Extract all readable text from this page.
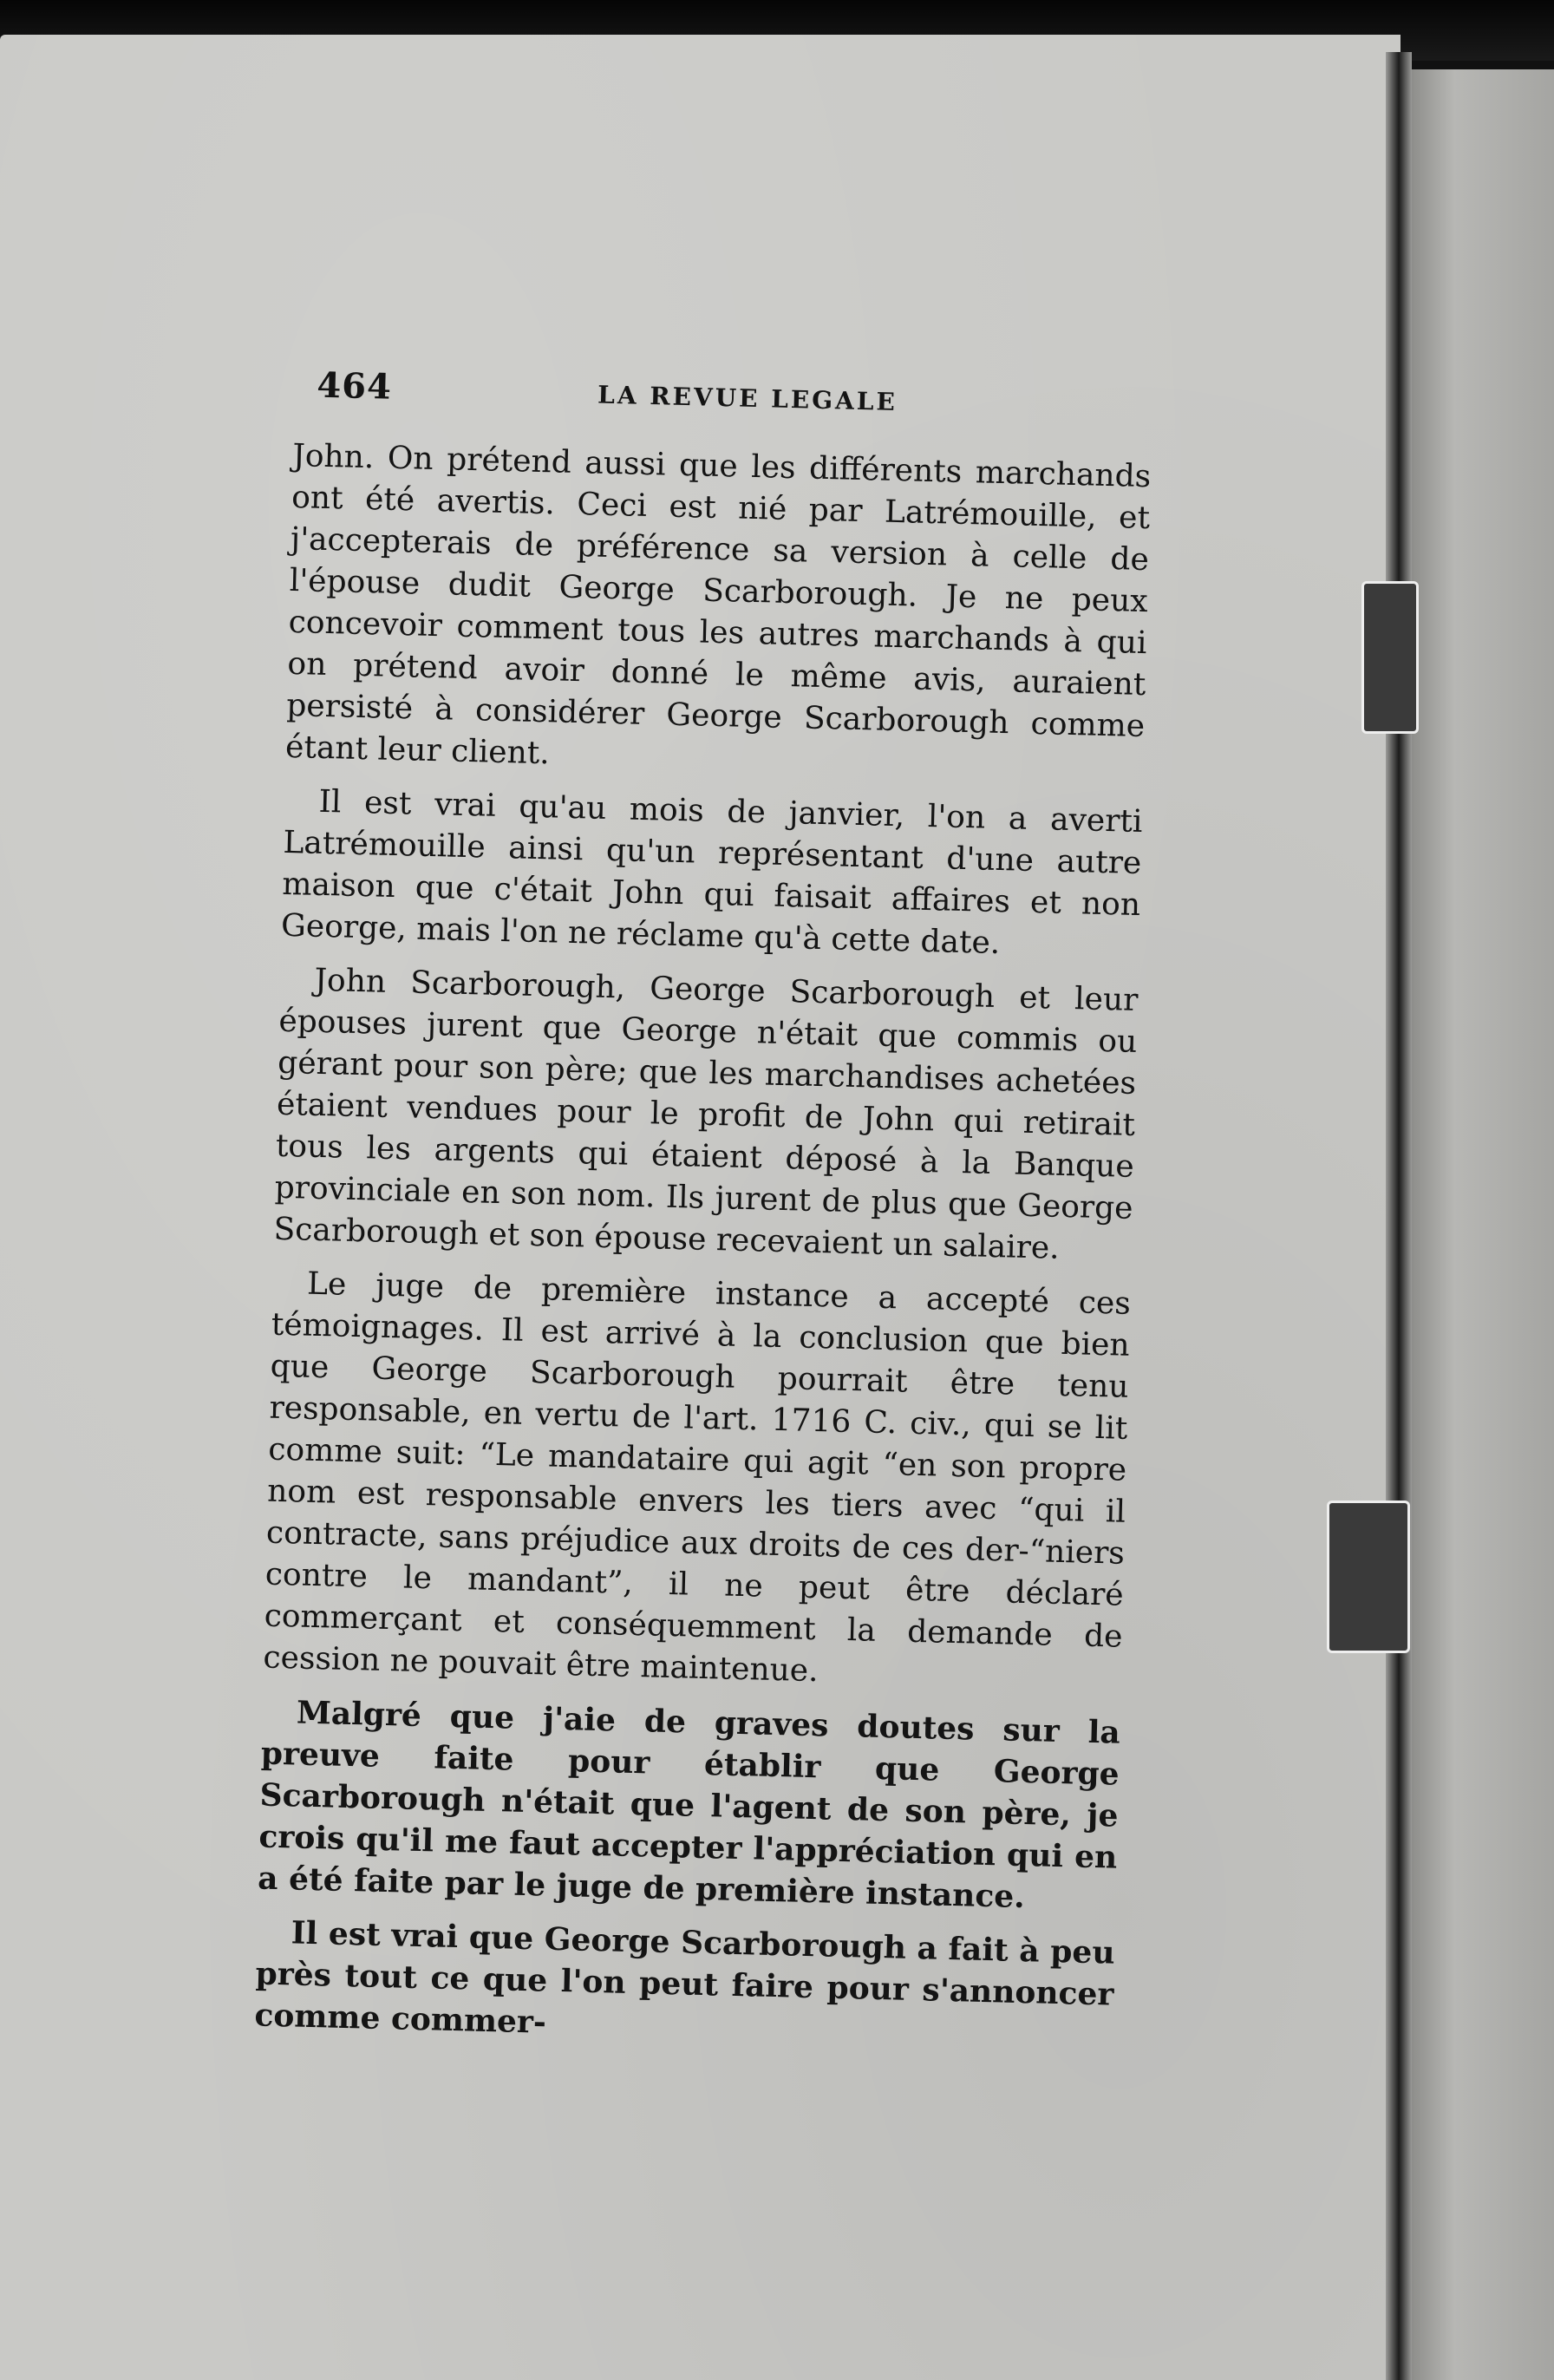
464	LA REVUE LEGALE

John. On prétend aussi que les différents marchands ont été avertis. Ceci est nié par Latrémouille, et j'accepterais de préférence sa version à celle de l'épouse dudit George Scarborough. Je ne peux concevoir comment tous les autres marchands à qui on prétend avoir donné le même avis, auraient persisté à considérer George Scarborough comme étant leur client.

Il est vrai qu'au mois de janvier, l'on a averti Latrémouille ainsi qu'un représentant d'une autre maison que c'était John qui faisait affaires et non George, mais l'on ne réclame qu'à cette date.

John Scarborough, George Scarborough et leur épouses jurent que George n'était que commis ou gérant pour son père; que les marchandises achetées étaient vendues pour le profit de John qui retirait tous les argents qui étaient déposé à la Banque provinciale en son nom. Ils jurent de plus que George Scarborough et son épouse recevaient un salaire.

Le juge de première instance a accepté ces témoignages. Il est arrivé à la conclusion que bien que George Scarborough pourrait être tenu responsable, en vertu de l'art. 1716 C. civ., qui se lit comme suit: “Le mandataire qui agit “en son propre nom est responsable envers les tiers avec “qui il contracte, sans préjudice aux droits de ces der-“niers contre le mandant”, il ne peut être déclaré commerçant et conséquemment la demande de cession ne pouvait être maintenue.

Malgré que j'aie de graves doutes sur la preuve faite pour établir que George Scarborough n'était que l'agent de son père, je crois qu'il me faut accepter l'appréciation qui en a été faite par le juge de première instance.

Il est vrai que George Scarborough a fait à peu près tout ce que l'on peut faire pour s'annoncer comme commer-
